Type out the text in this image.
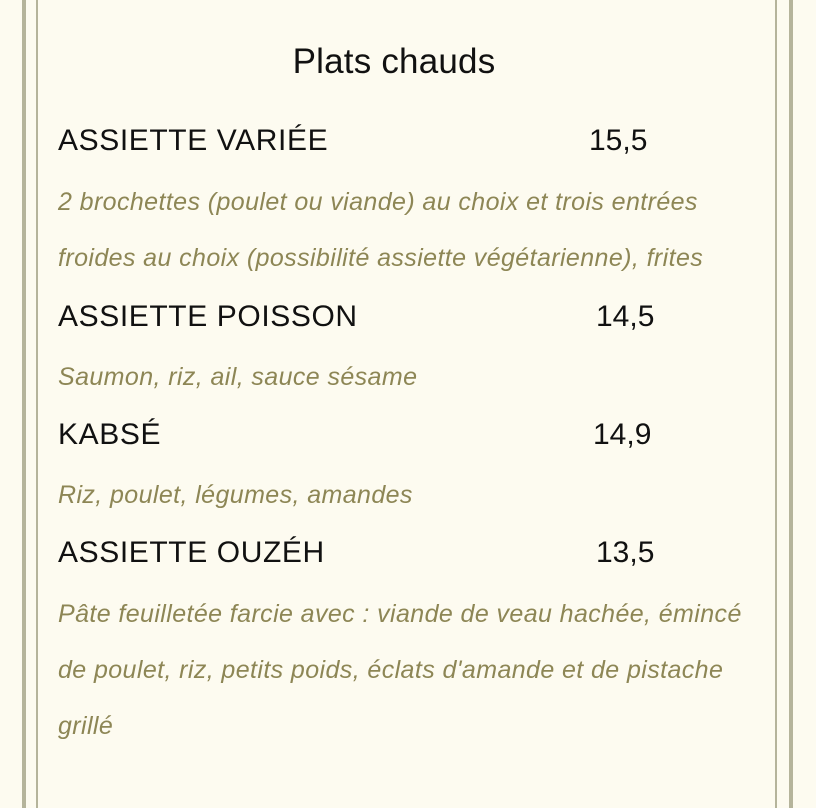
Plats chauds
ASSIETTE VARIÉE	15,5
2 brochettes (poulet ou viande) au choix et trois entrées froides au choix (possibilité assiette végétarienne), frites
ASSIETTE POISSON	14,5
Saumon, riz, ail, sauce sésame
KABSÉ	14,9
Riz, poulet, légumes, amandes
ASSIETTE OUZÉH	13,5
Pâte feuilletée farcie avec : viande de veau hachée, émincé de poulet, riz, petits poids, éclats d'amande et de pistache grillé
